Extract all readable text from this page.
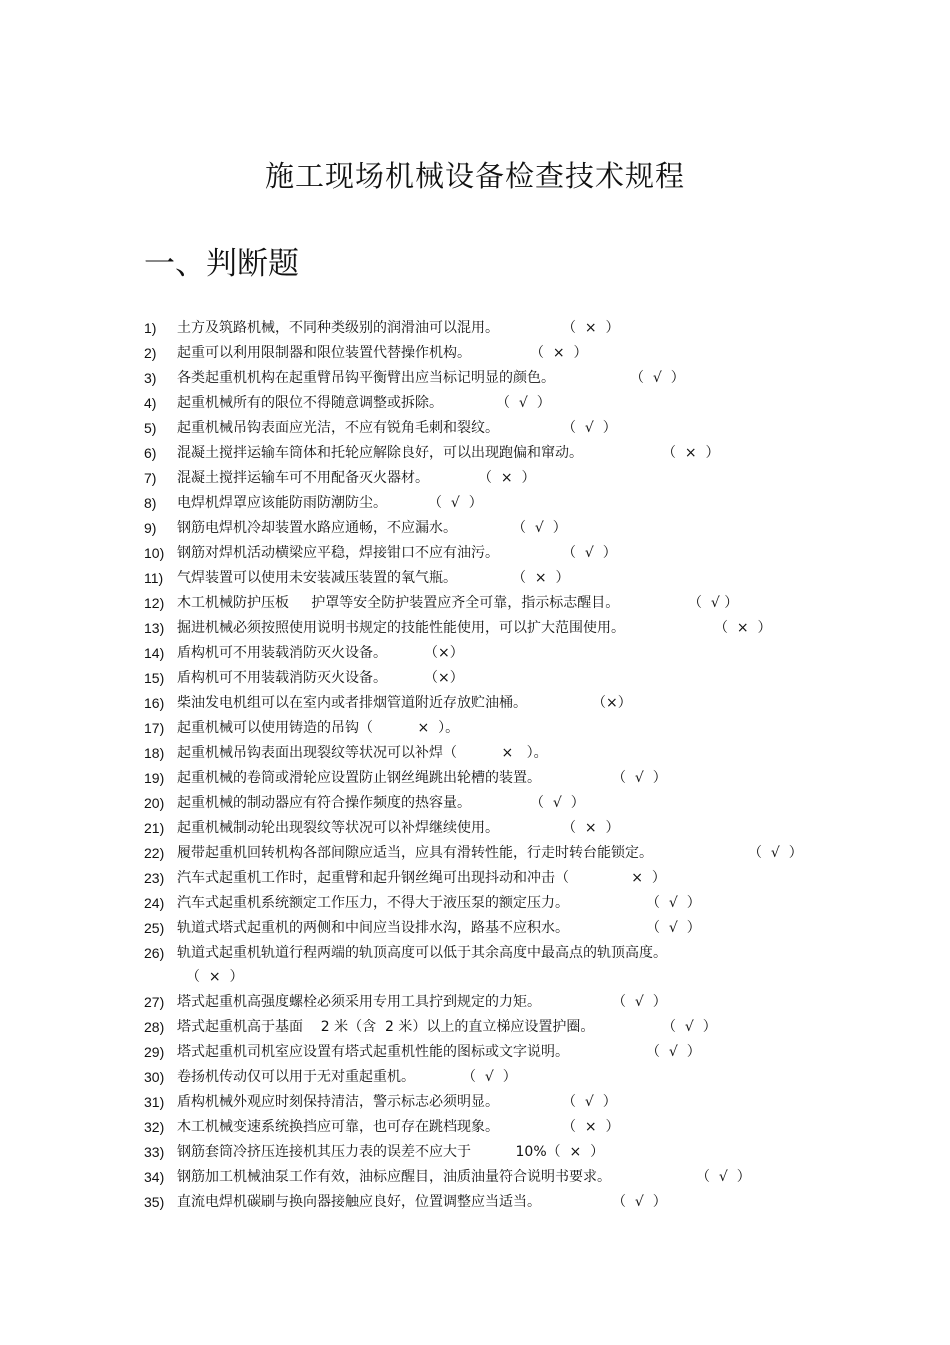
施工现场机械设备检查技术规程
一、判断题
1)	土方及筑路机械，不同种类级别的润滑油可以混用。	（  ×  ）
2)	起重可以利用限制器和限位装置代替操作机构。	（  ×  ）
3)	各类起重机机构在起重臂吊钩平衡臂出应当标记明显的颜色。	（  √  ）
4)	起重机械所有的限位不得随意调整或拆除。	（  √  ）
5)	起重机械吊钩表面应光洁，不应有锐角毛刺和裂纹。	（  √  ）
6)	混凝土搅拌运输车筒体和托轮应解除良好，可以出现跑偏和窜动。	（  ×  ）
7)	混凝土搅拌运输车可不用配备灭火器材。	（  ×  ）
8)	电焊机焊罩应该能防雨防潮防尘。	（  √  ）
9)	钢筋电焊机冷却装置水路应通畅，不应漏水。	（  √  ）
10) 钢筋对焊机活动横梁应平稳，焊接钳口不应有油污。	（  √  ）
11) 气焊装置可以使用未安装减压装置的氧气瓶。	（  ×  ）
12) 木工机械防护压板     护罩等安全防护装置应齐全可靠，指示标志醒目。	（  √ ）
13) 掘进机械必须按照使用说明书规定的技能性能使用，可以扩大范围使用。	（  ×  ）
14) 盾构机可不用装载消防灭火设备。	（×）
15) 盾构机可不用装载消防灭火设备。	（×）
16) 柴油发电机组可以在室内或者排烟管道附近存放贮油桶。	（×）
17) 起重机械可以使用铸造的吊钩（          ×  ）。
18) 起重机械吊钩表面出现裂纹等状况可以补焊（          ×   ）。
19) 起重机械的卷筒或滑轮应设置防止钢丝绳跳出轮槽的装置。	（  √  ）
20) 起重机械的制动器应有符合操作频度的热容量。	（  √  ）
21) 起重机械制动轮出现裂纹等状况可以补焊继续使用。	（  ×  ）
22) 履带起重机回转机构各部间隙应适当，应具有滑转性能，行走时转台能锁定。	（  √  ）
23) 汽车式起重机工作时，起重臂和起升钢丝绳可出现抖动和冲击（              ×  ）
24) 汽车式起重机系统额定工作压力，不得大于液压泵的额定压力。	（  √  ）
25) 轨道式塔式起重机的两侧和中间应当设排水沟，路基不应积水。	（  √  ）
26) 轨道式起重机轨道行程两端的轨顶高度可以低于其余高度中最高点的轨顶高度。
（  ×  ）
27) 塔式起重机高强度螺栓必须采用专用工具拧到规定的力矩。	（  √  ）
28) 塔式起重机高于基面    2 米（含  2 米）以上的直立梯应设置护圈。	（  √  ）
29) 塔式起重机司机室应设置有塔式起重机性能的图标或文字说明。	（  √  ）
30) 卷扬机传动仅可以用于无对重起重机。	（  √  ）
31) 盾构机械外观应时刻保持清洁，警示标志必须明显。	（  √  ）
32) 木工机械变速系统换挡应可靠，也可存在跳档现象。	（  ×  ）
33) 钢筋套筒冷挤压连接机其压力表的误差不应大于          10%（  ×  ）
34) 钢筋加工机械油泵工作有效，油标应醒目，油质油量符合说明书要求。	（  √  ）
35) 直流电焊机碳刷与换向器接触应良好，位置调整应当适当。	（  √  ）
